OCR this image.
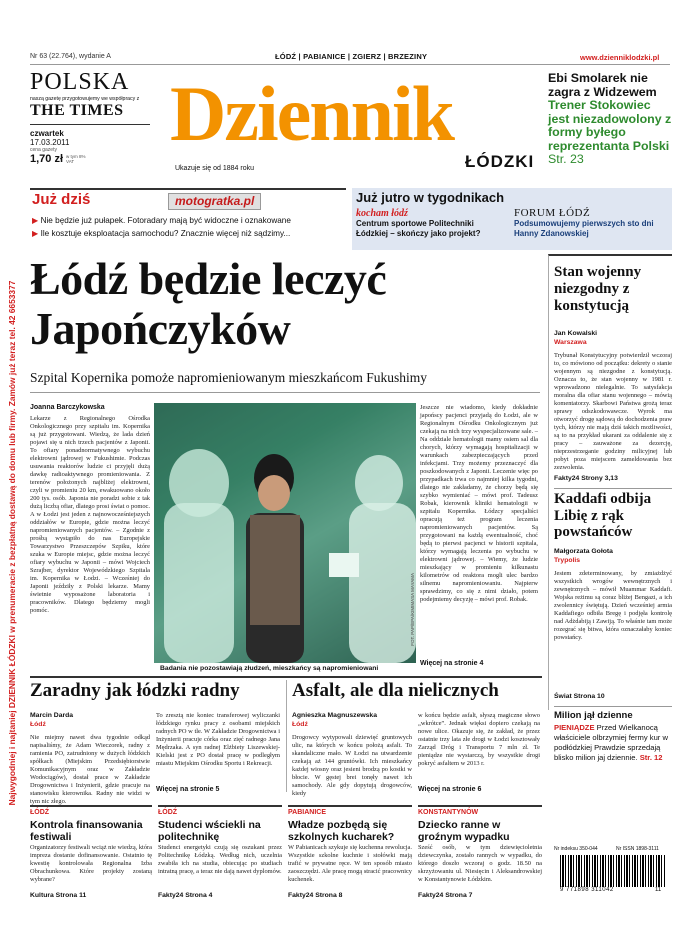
Nr 63 (22.764), wydanie A	ŁÓDŹ | PABIANICE | ZGIERZ | BRZEZINY	www.dzienniklodzki.pl
POLSKA
naszą gazetę przygotowujemy we współpracy z
THE TIMES
czwartek
17.03.2011
cena gazety
1,70 zł w tym 8% VAT
Dziennik
ŁÓDZKI
Ukazuje się od 1884 roku
Ebi Smolarek nie zagra z Widzewem Trener Stokowiec jest niezadowolony z formy byłego reprezentanta Polski Str. 23
Najwygodniej i najtaniej DZIENNIK ŁÓDZKI w prenumeracie z bezpłatną dostawą do domu lub firmy. Zamów już teraz tel. 42 6653377
Już dziś	motogratka.pl
▶ Nie będzie już pułapek. Fotoradary mają być widoczne i oznakowane
▶ Ile kosztuje eksploatacja samochodu? Znacznie więcej niż sądzimy...
Już jutro w tygodnikach
kocham łódź
Centrum sportowe Politechniki Łódzkiej – skończy jako projekt?
FORUM ŁÓDŹ
Podsumowujemy pierwszych sto dni Hanny Zdanowskiej
Łódź będzie leczyć
Japończyków
Szpital Kopernika pomoże napromieniowanym mieszkańcom Fukushimy
Joanna Barczykowska
Lekarze z Regionalnego Ośrodka Onkologicznego przy szpitalu im. Kopernika są już przygotowani. Wiedzą, że lada dzień pojawi się u nich trzech pacjentów z Japonii. To ofiary ponadnormatywnego wybuchu elektrowni jądrowej w Fukushimie. Podczas usuwania reaktorów ludzie ci przyjęli dużą dawkę radioaktywnego promieniowania. Z terenów położonych najbliżej elektrowni, czyli w promieniu 20 km, ewakuowano około 200 tys. osób. Japonia nie poradzi sobie z tak dużą liczbą ofiar, dlatego prosi świat o pomoc. A w Łodzi jest jeden z najnowocześniejszych oddziałów w Europie, gdzie można leczyć napromieniowanych pacjentów. – Zgodnie z prośbą wystąpiło do nas Europejskie Towarzystwo Przeszczepów Szpiku, które szuka w Europie miejsc, gdzie można leczyć ofiary wybuchu w Japonii – mówi Wojciech Szrajber, dyrektor Wojewódzkiego Szpitala im. Kopernika w Łodzi. – Wcześniej do Japonii jeździły z Polski lekarze. Mamy świetnie wyposażone laboratoria i pracowników. Dlatego będziemy mogli pomóc.	FOT. PAP/EPA/KIMIMASA MAYAMA
Badania nie pozostawiają złudzeń, mieszkańcy są napromieniowani
Jeszcze nie wiadomo, kiedy dokładnie japońscy pacjenci przyjadą do Łodzi, ale w Regionalnym Ośrodku Onkologicznym już czekają na nich trzy wyspecjalizowane sale. – Na oddziale hematologii mamy osiem sal dla chorych, którzy wymagają hospitalizacji w warunkach zabezpieczających przed infekcjami. Trzy możemy przeznaczyć dla poszkodowanych z Japonii. Leczenie więc po przypadkach trwa co najmniej kilka tygodni, dlatego nie zakładamy, że chorzy będą się szybko wymieniać – mówi prof. Tadeusz Robak, kierownik kliniki hematologii w szpitalu Kopernika. Łódzcy specjaliści opracują też program leczenia napromieniowanych pacjentów. Są przygotowani na każdą ewentualność, choć będą to pierwsi pacjenci w historii szpitala, którzy wymagają leczenia po wybuchu w elektrowni jądrowej. – Wiemy, że ludzie mieszkający w promieniu kilkunastu kilometrów od reaktora mogli ulec bardzo silnemu napromieniowaniu. Najpierw sprawdzimy, co się z nimi działo, potem podejmiemy decyzję – mówi prof. Robak.
Więcej na stronie 4
Stan wojenny niezgodny z konstytucją
Jan Kowalski
Warszawa
Trybunał Konstytucyjny potwierdził wczoraj to, co mówiono od początku: dekrety o stanie wojennym są niezgodne z konstytucją. Oznacza to, że stan wojenny w 1981 r. wprowadzono nielegalnie. To satysfakcja moralna dla ofiar stanu wojennego – mówią komentatorzy. Skarbowi Państwa grożą teraz sprawy odszkodowawcze. Wyrok ma otworzyć drogę sądową do dochodzenia praw tych, którzy nie mają dziś takich możliwości, są to na przykład ukarani za oddalenie się z pracy – zauważone za dezercję, nieprzestrzeganie godziny milicyjnej lub pobyt poza miejscem zameldowania bez zezwolenia.
Fakty24 Strony 3,13
Kaddafi odbija Libię z rąk powstańców
Małgorzata Gołota
Trypolis
Jestem zdeterminowany, by zmiażdżyć wszystkich wrogów wewnętrznych i zewnętrznych – mówił Muammar Kaddafi. Wojska reżimu są coraz bliżej Bengazi, a ich zwolennicy świętują. Dzień wcześniej armia Kaddafiego odbiła Bregę i podjęła kontrolę nad Adżdabiją i Zawiją. To właśnie tam może rozegrać się bitwa, która oznaczałaby koniec powstańcy.
Świat Strona 10
Milion jął dzienne
PIENIĄDZE Przed Wielkanocą właściciele olbrzymiej fermy kur w podłódzkiej Prawdzie sprzedają blisko milion jaj dziennie. Str. 12
Nr indeksu 350-044	Nr ISSN 1898-3111
9 771898 311042	11
Zaradny jak łódzki radny
Marcin Darda
Łódź
Nie miejmy nawet dwa tygodnie odkąd napisaliśmy, że Adam Wieczorek, radny z ramienia PO, zatrudniony w dużych łódzkich spółkach (Miejskim Przedsiębiorstwie Komunikacyjnym oraz w Zakładzie Wodociągów), dostał prace w Zakładzie Drogownictwa i Inżynierii, gdzie pracuje na stanowisku kierownika. Radny nie widzi w tym nic złego.
To zresztą nie koniec transferowej wyliczanki łódzkiego rynku pracy z osobami miejskich radnych PO w tle. W Zakładzie Drogownictwa i Inżynierii pracuje córka oraz zięć radnego Jana Mędrzaka. A syn radnej Elżbiety Liszewskiej-Kielski jest z PO dostał pracę w podległym miastu Miejskim Ośrodku Sportu i Rekreacji.
Więcej na stronie 5
Asfalt, ale dla nielicznych
Agnieszka Magnuszewska
Łódź
Drogowcy wytypowali dziewięć gruntowych ulic, na których w końcu położą asfalt. To skandaliczne mało. W Łodzi na utwardzenie czekają aż 144 gruntówki. Ich mieszkańcy każdej wiosny oraz jesieni brodzą po kostki w błocie. W gęstej brei tonęły nawet ich samochody. Ale gdy dopytują drogowców, kiedy
w końcu będzie asfalt, słyszą magiczne słowo „wkrótce”. Jednak więksi dopiero czekają na nowe ulice. Okazuje się, że zakład, że przez ostatnie trzy lata złe drogi w Łodzi kosztowały Zarząd Dróg i Transportu 7 mln zł. Te pieniądze nie wystarczą, by wszystkie drogi pokryć asfaltem w 2013 r.
Więcej na stronie 6
ŁÓDŹ
Kontrola finansowania festiwali
Organizatorzy festiwali wciąż nie wiedzą, która impreza dostanie dofinansowanie. Ostatnio tę kwestię kontrolowała Regionalna Izba Obrachunkowa. Które projekty zostaną wybrane?
Kultura Strona 11
ŁÓDŹ
Studenci wściekli na politechnikę
Studenci energetyki czują się oszukani przez Politechnikę Łódzką. Według nich, uczelnia zwabiła ich na studia, obiecując po studiach intratną pracę, a teraz nie dają nawet dyplomów.
Fakty24 Strona 4
PABIANICE
Władze pozbędą się szkolnych kucharek?
W Pabianicach szykuje się kuchenna rewolucja. Wszystkie szkolne kuchnie i stołówki mają trafić w prywatne ręce. W ten sposób miasto zaoszczędzi. Ale pracę mogą stracić pracownicy kuchenek.
Fakty24 Strona 8
KONSTANTYNÓW
Dziecko ranne w groźnym wypadku
Sześć osób, w tym dziewięcioletnia dziewczynka, zostało rannych w wypadku, do którego doszło wczoraj o godz. 18.50 na skrzyżowaniu ul. Niesięcin i Aleksandrowskiej w Konstantynowie Łódzkim.
Fakty24 Strona 7
